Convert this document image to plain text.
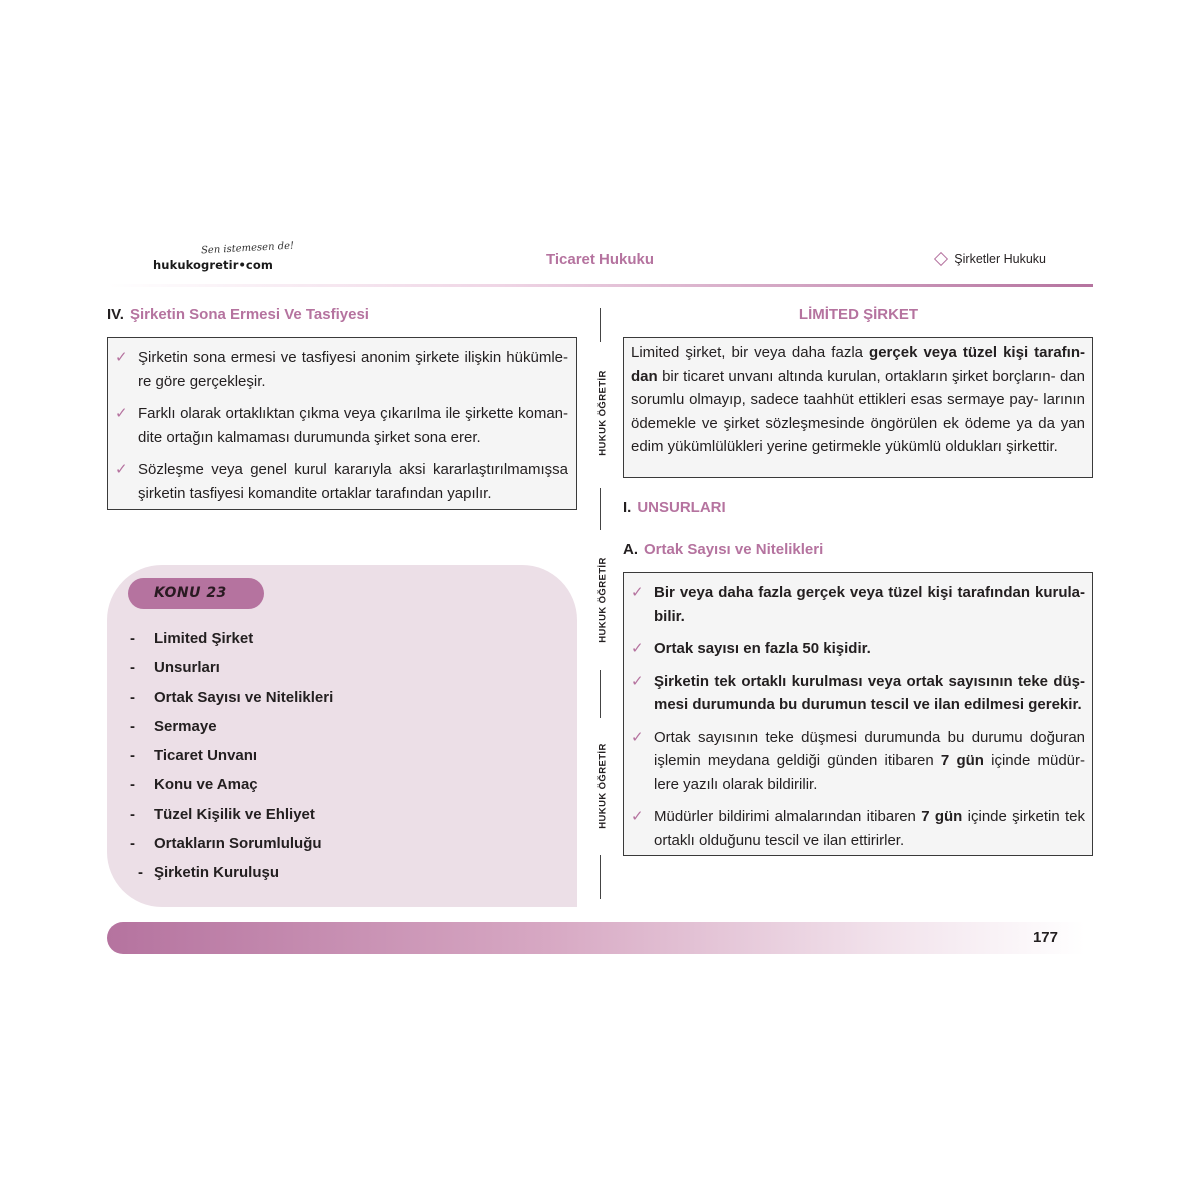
Sen istemesen de!
hukukogretir•com	Ticaret Hukuku	Şirketler Hukuku
IV. Şirketin Sona Ermesi Ve Tasfiyesi
✓ Şirketin sona ermesi ve tasfiyesi anonim şirkete ilişkin hükümle- re göre gerçekleşir.
✓ Farklı olarak ortaklıktan çıkma veya çıkarılma ile şirkette koman- dite ortağın kalmaması durumunda şirket sona erer.
✓ Sözleşme veya genel kurul kararıyla aksi kararlaştırılmamışsa şirketin tasfiyesi komandite ortaklar tarafından yapılır.
KONU 23
-	Limited Şirket
-	Unsurları
-	Ortak Sayısı ve Nitelikleri
-	Sermaye
-	Ticaret Unvanı
-	Konu ve Amaç
-	Tüzel Kişilik ve Ehliyet
-	Ortakların Sorumluluğu
- Şirketin Kuruluşu
HUKUK ÖĞRETİR
HUKUK ÖĞRETİR
HUKUK ÖĞRETİR
LİMİTED ŞİRKET

Limited şirket, bir veya daha fazla gerçek veya tüzel kişi tarafın- dan bir ticaret unvanı altında kurulan, ortakların şirket borçların- dan sorumlu olmayıp, sadece taahhüt ettikleri esas sermaye pay- larının ödemekle ve şirket sözleşmesinde öngörülen ek ödeme ya da yan edim yükümlülükleri yerine getirmekle yükümlü oldukları şirkettir.

I. UNSURLARI
A. Ortak Sayısı ve Nitelikleri
✓ Bir veya daha fazla gerçek veya tüzel kişi tarafından kurula- bilir.
✓ Ortak sayısı en fazla 50 kişidir.
✓ Şirketin tek ortaklı kurulması veya ortak sayısının teke düş- mesi durumunda bu durumun tescil ve ilan edilmesi gerekir.
✓ Ortak sayısının teke düşmesi durumunda bu durumu doğuran işlemin meydana geldiği günden itibaren 7 gün içinde müdür- lere yazılı olarak bildirilir.
✓ Müdürler bildirimi almalarından itibaren 7 gün içinde şirketin tek ortaklı olduğunu tescil ve ilan ettirirler.
177
